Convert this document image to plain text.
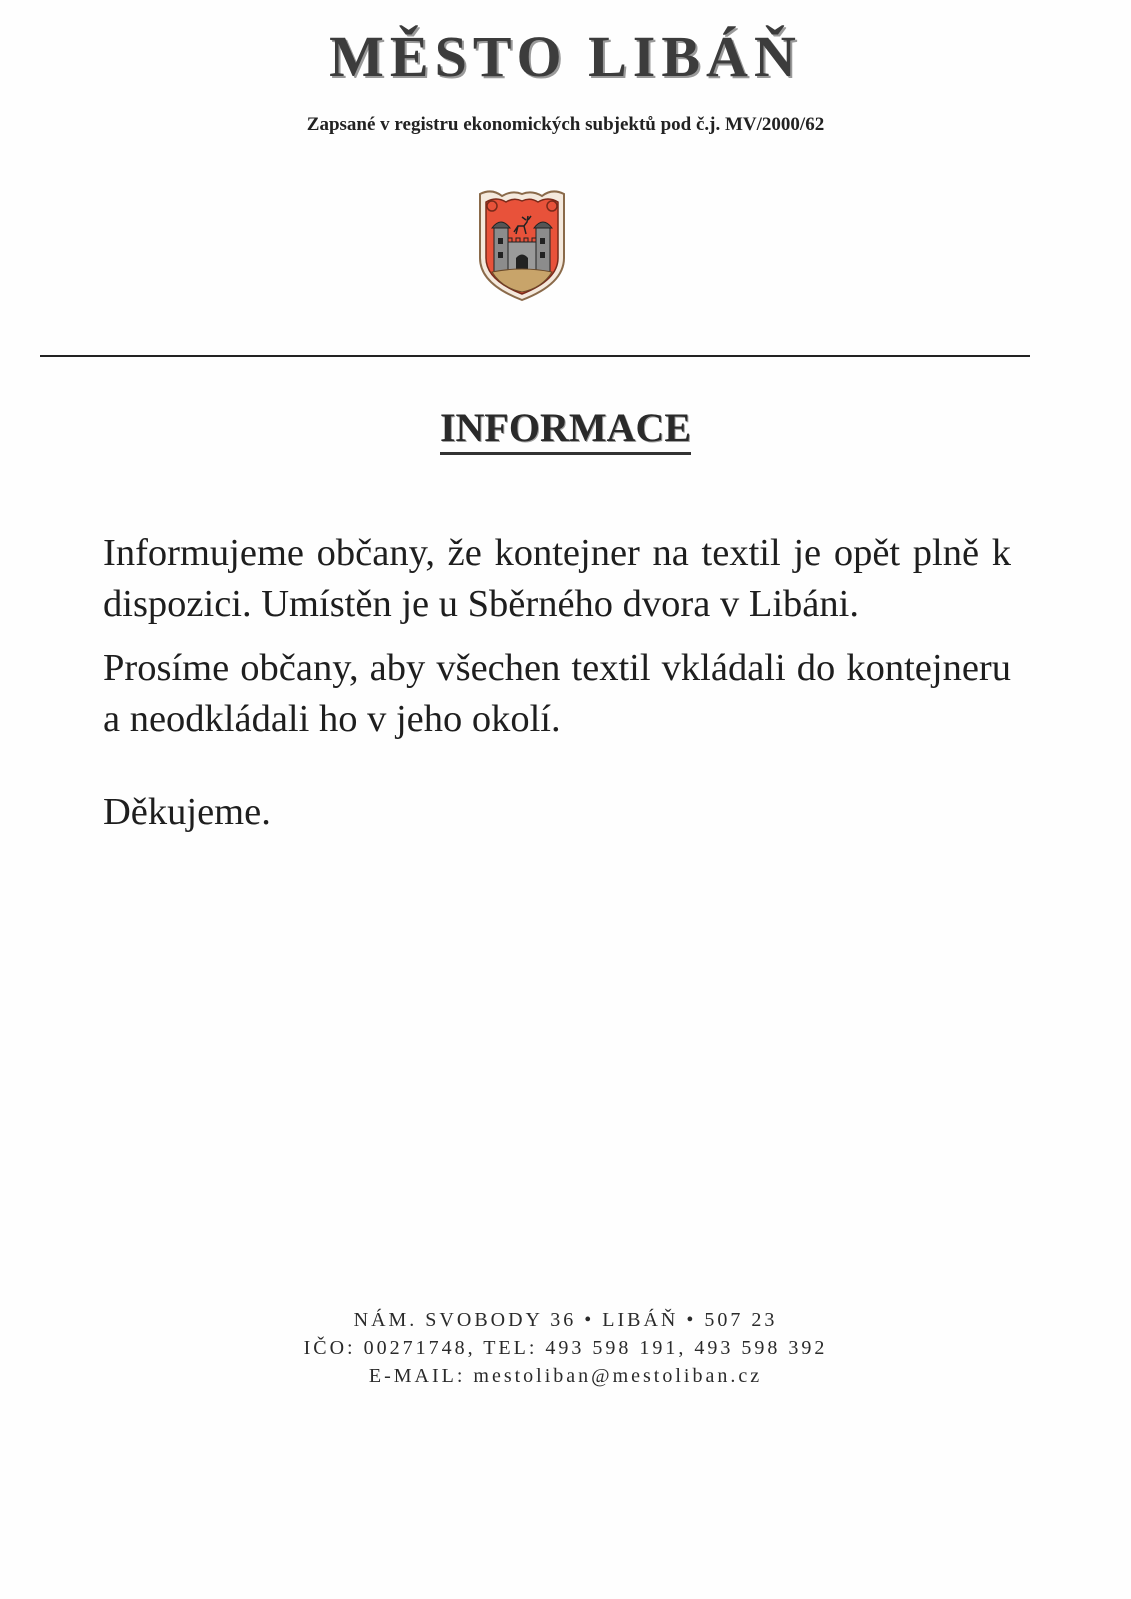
MĚSTO LIBÁŇ
Zapsané v registru ekonomických subjektů pod č.j. MV/2000/62
INFORMACE

Informujeme občany, že kontejner na textil je opět plně k dispozici. Umístěn je u Sběrného dvora v Libáni.

Prosíme občany, aby všechen textil vkládali do kontejneru a neodkládali ho v jeho okolí.

Děkujeme.

NÁM. SVOBODY 36 • LIBÁŇ • 507 23
IČO: 00271748, TEL: 493 598 191, 493 598 392
E-MAIL: mestoliban@mestoliban.cz
